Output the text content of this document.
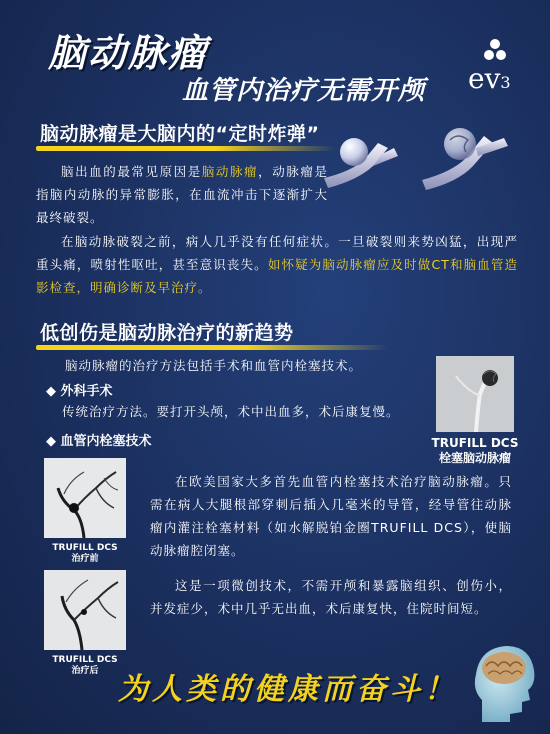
脑动脉瘤
血管内治疗无需开颅 ev3
脑动脉瘤是大脑内的“定时炸弹”
脑出血的最常见原因是脑动脉瘤，动脉瘤是指脑内动脉的异常膨胀，在血流冲击下逐渐扩大最终破裂。
在脑动脉破裂之前，病人几乎没有任何症状。一旦破裂则来势凶猛，出现严重头痛，喷射性呕吐，甚至意识丧失。如怀疑为脑动脉瘤应及时做CT和脑血管造影检查，明确诊断及早治疗。
低创伤是脑动脉治疗的新趋势
脑动脉瘤的治疗方法包括手术和血管内栓塞技术。
◆ 外科手术
传统治疗方法。要打开头颅，术中出血多，术后康复慢。
◆ 血管内栓塞技术	TRUFILL DCS
栓塞脑动脉瘤
TRUFILL DCS
治疗前
TRUFILL DCS
治疗后
在欧美国家大多首先血管内栓塞技术治疗脑动脉瘤。只需在病人大腿根部穿刺后插入几毫米的导管，经导管往动脉瘤内灌注栓塞材料（如水解脱铂金圈TRUFILL DCS），使脑动脉瘤腔闭塞。
这是一项微创技术，不需开颅和暴露脑组织、创伤小，并发症少，术中几乎无出血，术后康复快，住院时间短。
为人类的健康而奋斗！
